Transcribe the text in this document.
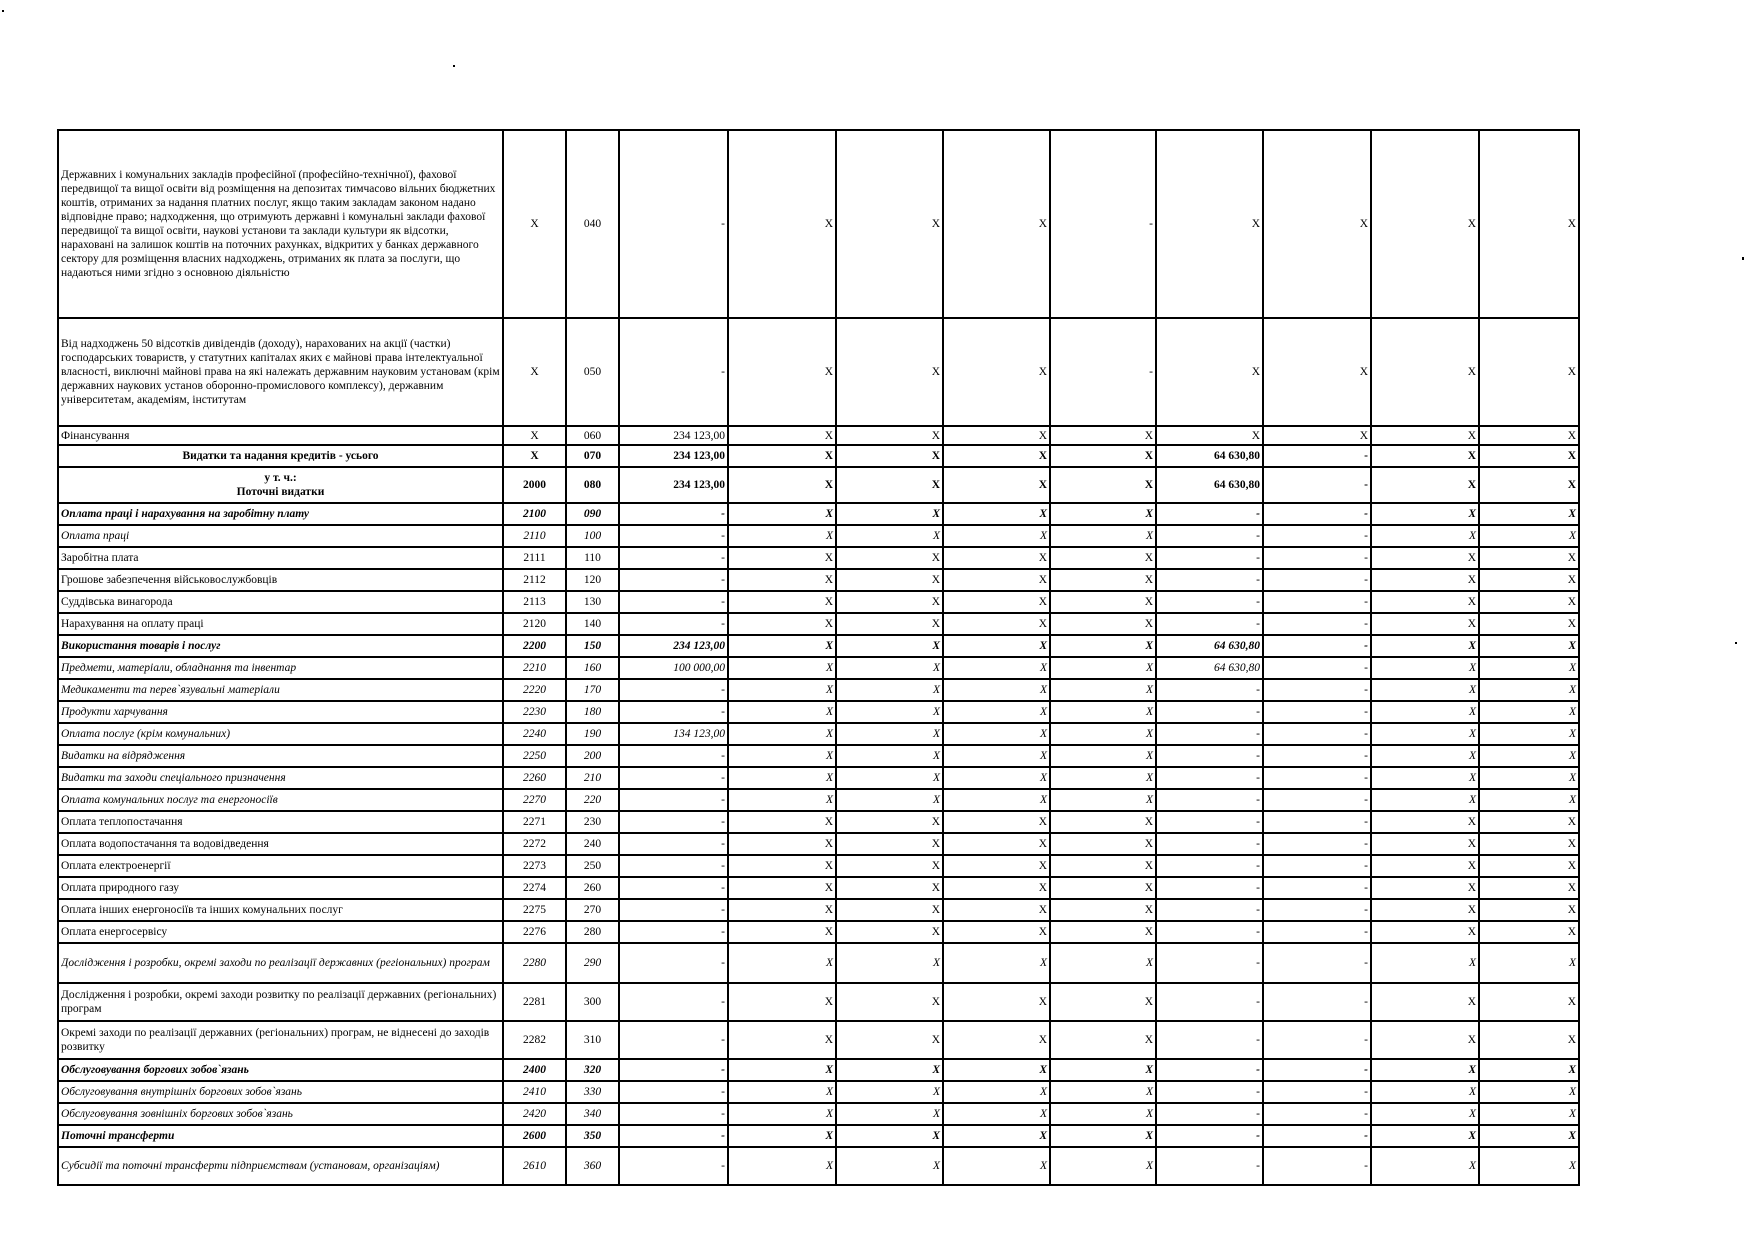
Державних і комунальних закладів професійної (професійно-технічної), фахової передвищої та вищої освіти від розміщення на депозитах тимчасово вільних бюджетних коштів, отриманих за надання платних послуг, якщо таким закладам законом надано відповідне право; надходження, що отримують державні і комунальні заклади фахової передвищої та вищої освіти, наукові установи та заклади культури як відсотки, нараховані на залишок коштів на поточних рахунках, відкритих у банках державного сектору для розміщення власних надходжень, отриманих як плата за послуги, що надаються ними згідно з основною діяльністю	X	040	-	X	X	X	-	X	X	X	X

Від надходжень 50 відсотків дивідендів (доходу), нарахованих на акції (частки) господарських товариств, у статутних капіталах яких є майнові права інтелектуальної власності, виключні майнові права на які належать державним науковим установам (крім державних наукових установ оборонно-промислового комплексу), державним університетам, академіям, інститутам	X	050	-	X	X	X	-	X	X	X	X

Фінансування	X	060	234 123,00	X	X	X	X	X	X	X	X

Видатки та надання кредитів - усього	X	070	234 123,00	X	X	X	X	64 630,80	-	X	X

у т. ч.:
Поточні видатки	2000	080	234 123,00	X	X	X	X	64 630,80	-	X	X

Оплата праці і нарахування на заробітну плату	2100	090	-	X	X	X	X	-	-	X	X

Оплата праці	2110	100	-	X	X	X	X	-	-	X	X

Заробітна плата	2111	110	-	X	X	X	X	-	-	X	X

Грошове забезпечення військовослужбовців	2112	120	-	X	X	X	X	-	-	X	X

Суддівська винагорода	2113	130	-	X	X	X	X	-	-	X	X

Нарахування на оплату праці	2120	140	-	X	X	X	X	-	-	X	X

Використання товарів і послуг	2200	150	234 123,00	X	X	X	X	64 630,80	-	X	X

Предмети, матеріали, обладнання та інвентар	2210	160	100 000,00	X	X	X	X	64 630,80	-	X	X

Медикаменти та перев`язувальні матеріали	2220	170	-	X	X	X	X	-	-	X	X

Продукти харчування	2230	180	-	X	X	X	X	-	-	X	X

Оплата послуг (крім комунальних)	2240	190	134 123,00	X	X	X	X	-	-	X	X

Видатки на відрядження	2250	200	-	X	X	X	X	-	-	X	X

Видатки та заходи спеціального призначення	2260	210	-	X	X	X	X	-	-	X	X

Оплата комунальних послуг та енергоносіїв	2270	220	-	X	X	X	X	-	-	X	X

Оплата теплопостачання	2271	230	-	X	X	X	X	-	-	X	X

Оплата водопостачання та водовідведення	2272	240	-	X	X	X	X	-	-	X	X

Оплата електроенергії	2273	250	-	X	X	X	X	-	-	X	X

Оплата природного газу	2274	260	-	X	X	X	X	-	-	X	X

Оплата інших енергоносіїв та інших комунальних послуг	2275	270	-	X	X	X	X	-	-	X	X

Оплата енергосервісу	2276	280	-	X	X	X	X	-	-	X	X

Дослідження і розробки, окремі заходи по реалізації державних (регіональних) програм	2280	290	-	X	X	X	X	-	-	X	X

Дослідження і розробки, окремі заходи розвитку по реалізації державних (регіональних) програм	2281	300	-	X	X	X	X	-	-	X	X

Окремі заходи по реалізації державних (регіональних) програм, не віднесені до заходів розвитку	2282	310	-	X	X	X	X	-	-	X	X

Обслуговування боргових зобов`язань	2400	320	-	X	X	X	X	-	-	X	X

Обслуговування внутрішніх боргових зобов`язань	2410	330	-	X	X	X	X	-	-	X	X

Обслуговування зовнішніх боргових зобов`язань	2420	340	-	X	X	X	X	-	-	X	X

Поточні трансферти	2600	350	-	X	X	X	X	-	-	X	X

Субсидії та поточні трансферти підприємствам (установам, організаціям)	2610	360	-	X	X	X	X	-	-	X	X
